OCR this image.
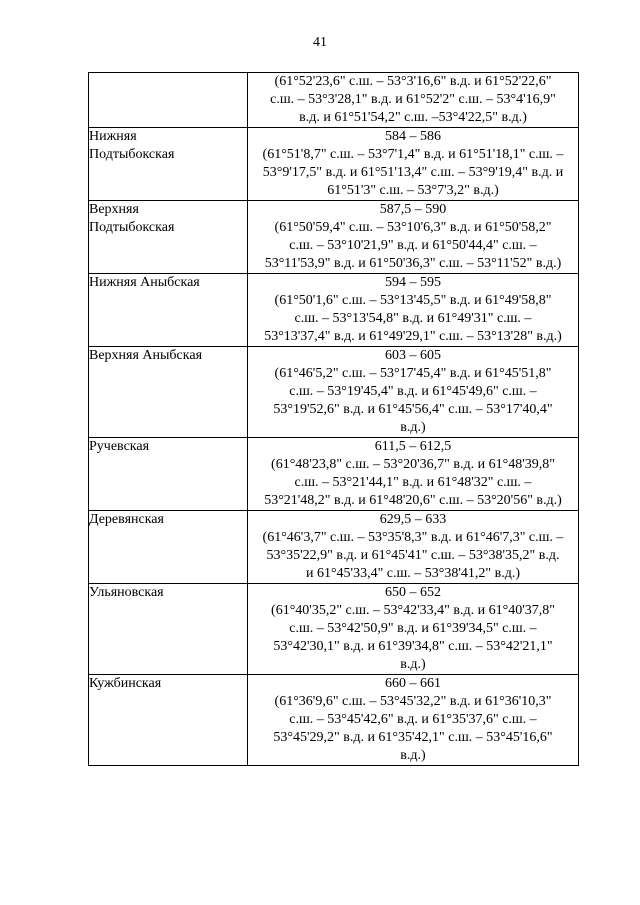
41

	(61°52'23,6" с.ш. – 53°3'16,6" в.д. и 61°52'22,6"
с.ш. – 53°3'28,1" в.д. и 61°52'2" с.ш. – 53°4'16,9"
в.д. и 61°51'54,2" с.ш. –53°4'22,5" в.д.)

Нижняя
Подтыбокская	584 – 586
(61°51'8,7" с.ш. – 53°7'1,4" в.д. и 61°51'18,1" с.ш. –
53°9'17,5" в.д. и 61°51'13,4" с.ш. – 53°9'19,4" в.д. и
61°51'3" с.ш. – 53°7'3,2" в.д.)

Верхняя
Подтыбокская	587,5 – 590
(61°50'59,4" с.ш. – 53°10'6,3" в.д. и 61°50'58,2"
с.ш. – 53°10'21,9" в.д. и 61°50'44,4" с.ш. –
53°11'53,9" в.д. и 61°50'36,3" с.ш. – 53°11'52" в.д.)

Нижняя Аныбская	594 – 595
(61°50'1,6" с.ш. – 53°13'45,5" в.д. и 61°49'58,8"
с.ш. – 53°13'54,8" в.д. и 61°49'31" с.ш. –
53°13'37,4" в.д. и 61°49'29,1" с.ш. – 53°13'28" в.д.)

Верхняя Аныбская	603 – 605
(61°46'5,2" с.ш. – 53°17'45,4" в.д. и 61°45'51,8"
с.ш. – 53°19'45,4" в.д. и 61°45'49,6" с.ш. –
53°19'52,6" в.д. и 61°45'56,4" с.ш. – 53°17'40,4"
в.д.)

Ручевская	611,5 – 612,5
(61°48'23,8" с.ш. – 53°20'36,7" в.д. и 61°48'39,8"
с.ш. – 53°21'44,1" в.д. и 61°48'32" с.ш. –
53°21'48,2" в.д. и 61°48'20,6" с.ш. – 53°20'56" в.д.)

Деревянская	629,5 – 633
(61°46'3,7" с.ш. – 53°35'8,3" в.д. и 61°46'7,3" с.ш. –
53°35'22,9" в.д. и 61°45'41" с.ш. – 53°38'35,2" в.д.
и 61°45'33,4" с.ш. – 53°38'41,2" в.д.)

Ульяновская	650 – 652
(61°40'35,2" с.ш. – 53°42'33,4" в.д. и 61°40'37,8"
с.ш. – 53°42'50,9" в.д. и 61°39'34,5" с.ш. –
53°42'30,1" в.д. и 61°39'34,8" с.ш. – 53°42'21,1"
в.д.)

Кужбинская	660 – 661
(61°36'9,6" с.ш. – 53°45'32,2" в.д. и 61°36'10,3"
с.ш. – 53°45'42,6" в.д. и 61°35'37,6" с.ш. –
53°45'29,2" в.д. и 61°35'42,1" с.ш. – 53°45'16,6"
в.д.)
